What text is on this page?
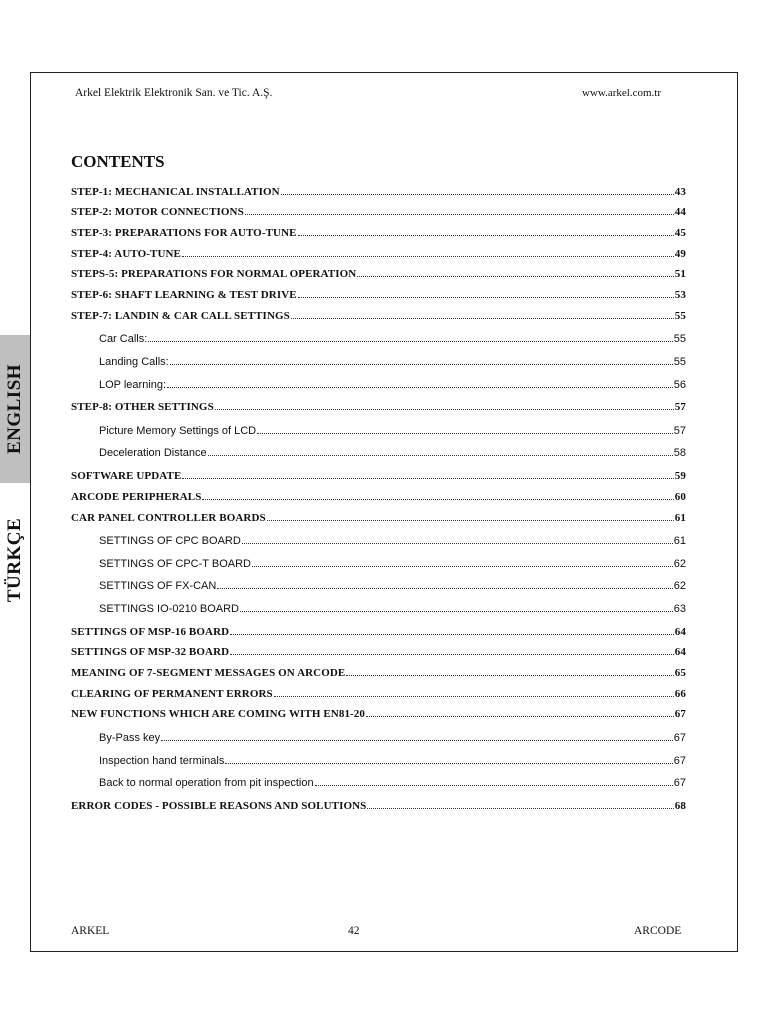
Arkel Elektrik Elektronik San. ve Tic. A.Ş.	www.arkel.com.tr
ENGLISH
TÜRKÇE
CONTENTS
STEP-1: MECHANICAL INSTALLATION	43
STEP-2: MOTOR CONNECTIONS	44
STEP-3: PREPARATIONS FOR AUTO-TUNE	45
STEP-4: AUTO-TUNE	49
STEPS-5: PREPARATIONS FOR NORMAL OPERATION	51
STEP-6: SHAFT LEARNING & TEST DRIVE	53
STEP-7: LANDIN & CAR CALL SETTINGS	55
Car Calls:	55
Landing Calls:	55
LOP learning:	56
STEP-8: OTHER SETTINGS	57
Picture Memory Settings of LCD	57
Deceleration Distance	58
SOFTWARE UPDATE	59
ARCODE PERIPHERALS	60
CAR PANEL CONTROLLER BOARDS	61
SETTINGS OF CPC BOARD	61
SETTINGS OF CPC-T BOARD	62
SETTINGS OF FX-CAN	62
SETTINGS IO-0210 BOARD	63
SETTINGS OF MSP-16 BOARD	64
SETTINGS OF MSP-32 BOARD	64
MEANING OF 7-SEGMENT MESSAGES ON ARCODE	65
CLEARING OF PERMANENT ERRORS	66
NEW FUNCTIONS WHICH ARE COMING WITH EN81-20	67
By-Pass key	67
Inspection hand terminals	67
Back to normal operation from pit inspection	67
ERROR CODES - POSSIBLE REASONS AND SOLUTIONS	68
ARKEL	42	ARCODE
